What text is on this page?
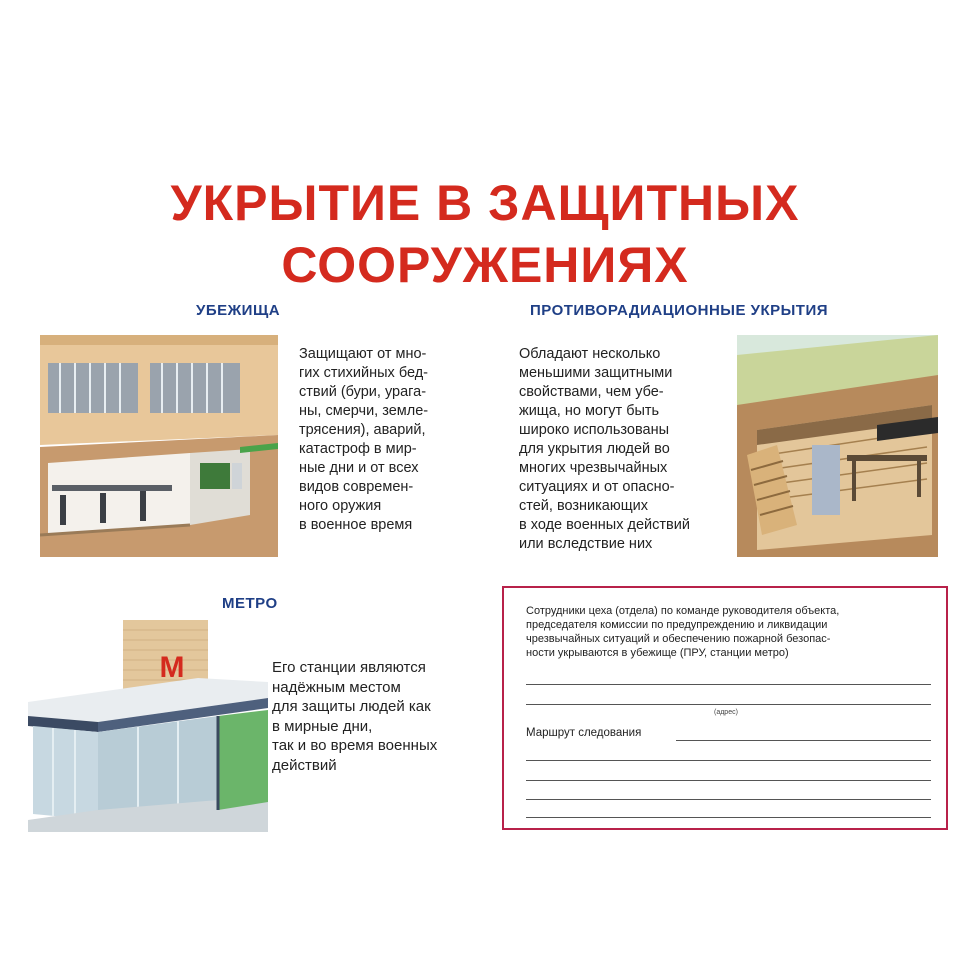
УКРЫТИЕ В ЗАЩИТНЫХ
СООРУЖЕНИЯХ
УБЕЖИЩА
Защищают от мно-
гих стихийных бед-
ствий (бури, урага-
ны, смерчи, земле-
трясения), аварий,
катастроф в мир-
ные дни и от всех
видов современ-
ного оружия
в военное время
ПРОТИВОРАДИАЦИОННЫЕ УКРЫТИЯ
Обладают несколько
меньшими защитными
свойствами, чем убе-
жища, но могут быть
широко использованы
для укрытия людей во
многих чрезвычайных
ситуациях и от опасно-
стей, возникающих
в ходе военных действий
или вследствие них
МЕТРО
М	Его станции являются
надёжным местом
для защиты людей как
в мирные дни,
так и во время военных
действий
Сотрудники цеха (отдела) по команде руководителя объекта,
председателя комиссии по предупреждению и ликвидации
чрезвычайных ситуаций и обеспечению пожарной безопас-
ности укрываются в убежище (ПРУ, станции метро)
(адрес)
Маршрут следования
